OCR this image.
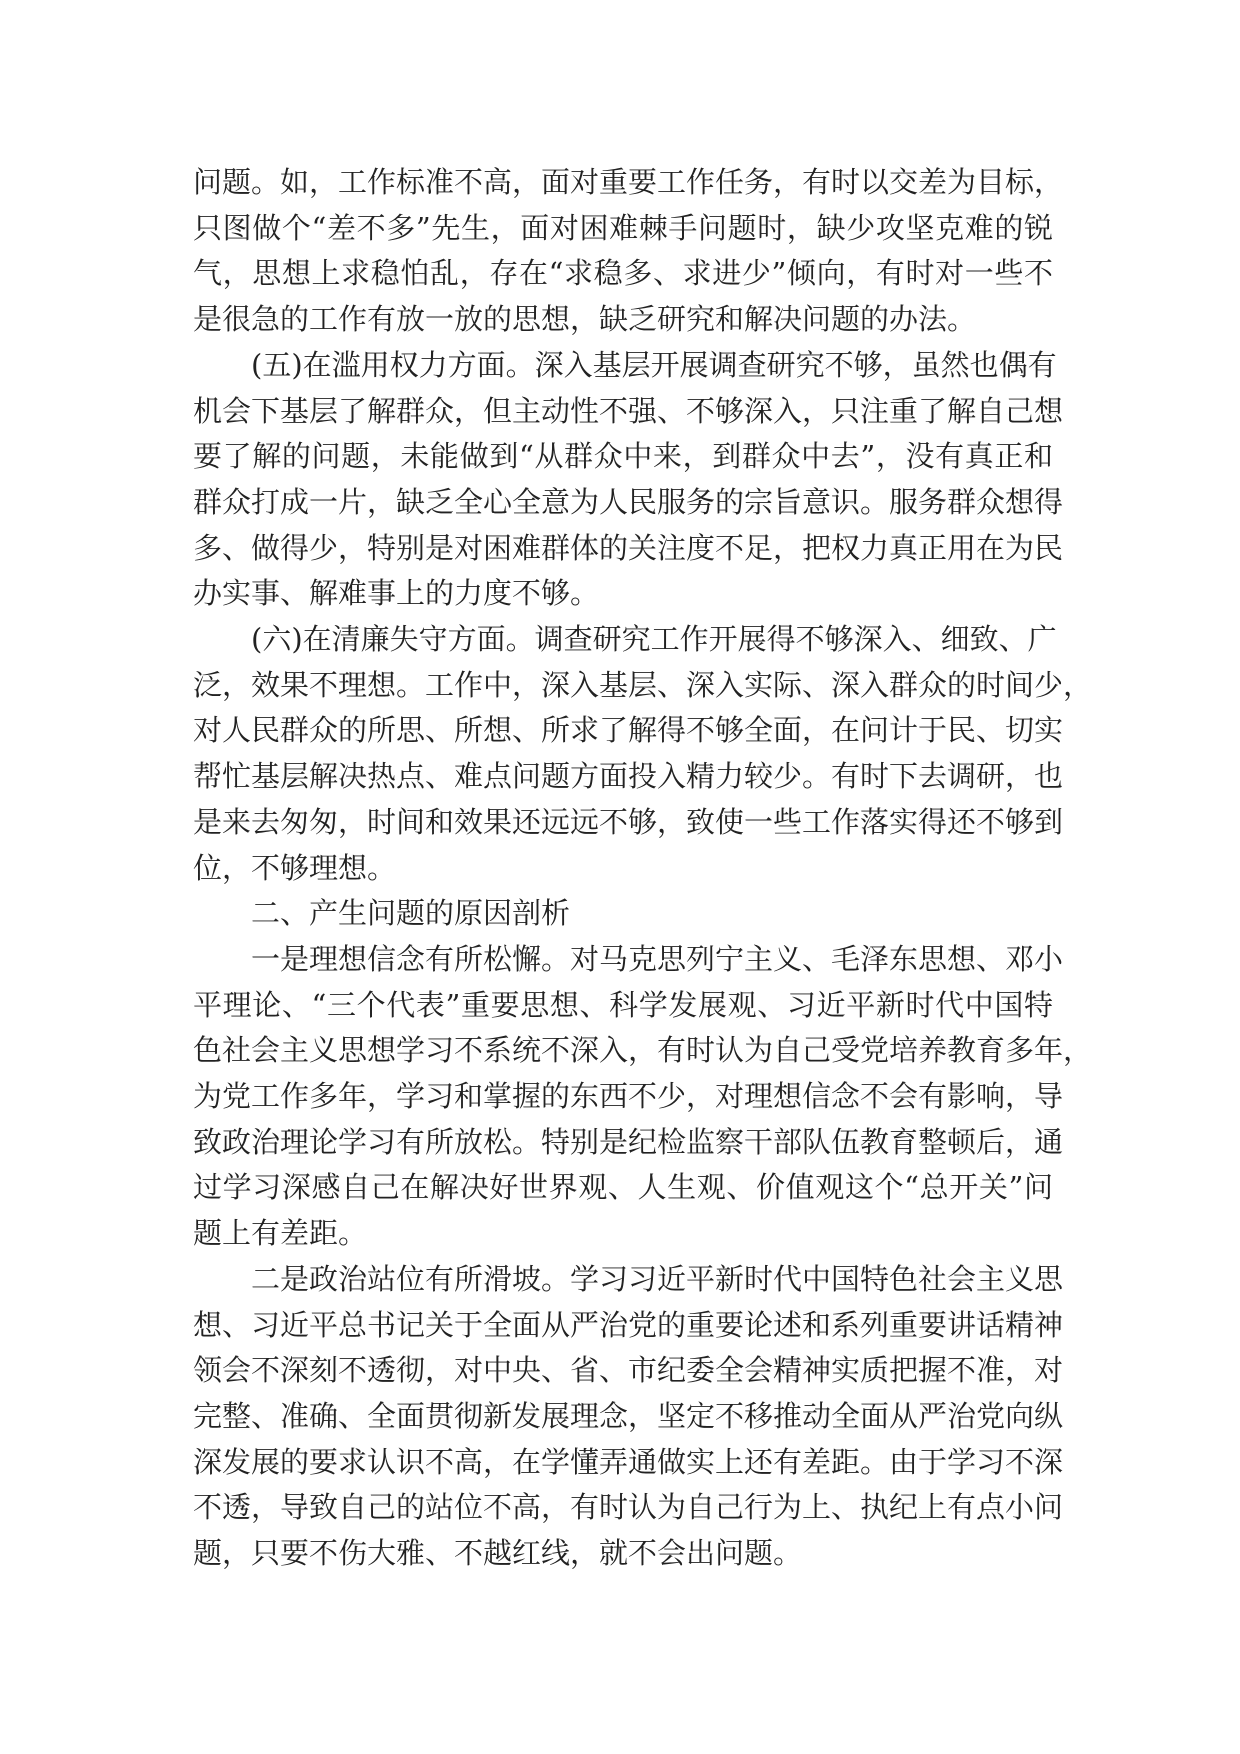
问题。如，工作标准不高，面对重要工作任务，有时以交差为目标，
只图做个“差不多”先生，面对困难棘手问题时，缺少攻坚克难的锐
气，思想上求稳怕乱，存在“求稳多、求进少”倾向，有时对一些不
是很急的工作有放一放的思想，缺乏研究和解决问题的办法。
(五)在滥用权力方面。深入基层开展调查研究不够，虽然也偶有
机会下基层了解群众，但主动性不强、不够深入，只注重了解自己想
要了解的问题，未能做到“从群众中来，到群众中去”，没有真正和
群众打成一片，缺乏全心全意为人民服务的宗旨意识。服务群众想得
多、做得少，特别是对困难群体的关注度不足，把权力真正用在为民
办实事、解难事上的力度不够。
(六)在清廉失守方面。调查研究工作开展得不够深入、细致、广
泛，效果不理想。工作中，深入基层、深入实际、深入群众的时间少，
对人民群众的所思、所想、所求了解得不够全面，在问计于民、切实
帮忙基层解决热点、难点问题方面投入精力较少。有时下去调研，也
是来去匆匆，时间和效果还远远不够，致使一些工作落实得还不够到
位，不够理想。
二、产生问题的原因剖析
一是理想信念有所松懈。对马克思列宁主义、毛泽东思想、邓小
平理论、“三个代表”重要思想、科学发展观、习近平新时代中国特
色社会主义思想学习不系统不深入，有时认为自己受党培养教育多年，
为党工作多年，学习和掌握的东西不少，对理想信念不会有影响，导
致政治理论学习有所放松。特别是纪检监察干部队伍教育整顿后，通
过学习深感自己在解决好世界观、人生观、价值观这个“总开关”问
题上有差距。
二是政治站位有所滑坡。学习习近平新时代中国特色社会主义思
想、习近平总书记关于全面从严治党的重要论述和系列重要讲话精神
领会不深刻不透彻，对中央、省、市纪委全会精神实质把握不准，对
完整、准确、全面贯彻新发展理念，坚定不移推动全面从严治党向纵
深发展的要求认识不高，在学懂弄通做实上还有差距。由于学习不深
不透，导致自己的站位不高，有时认为自己行为上、执纪上有点小问
题，只要不伤大雅、不越红线，就不会出问题。
